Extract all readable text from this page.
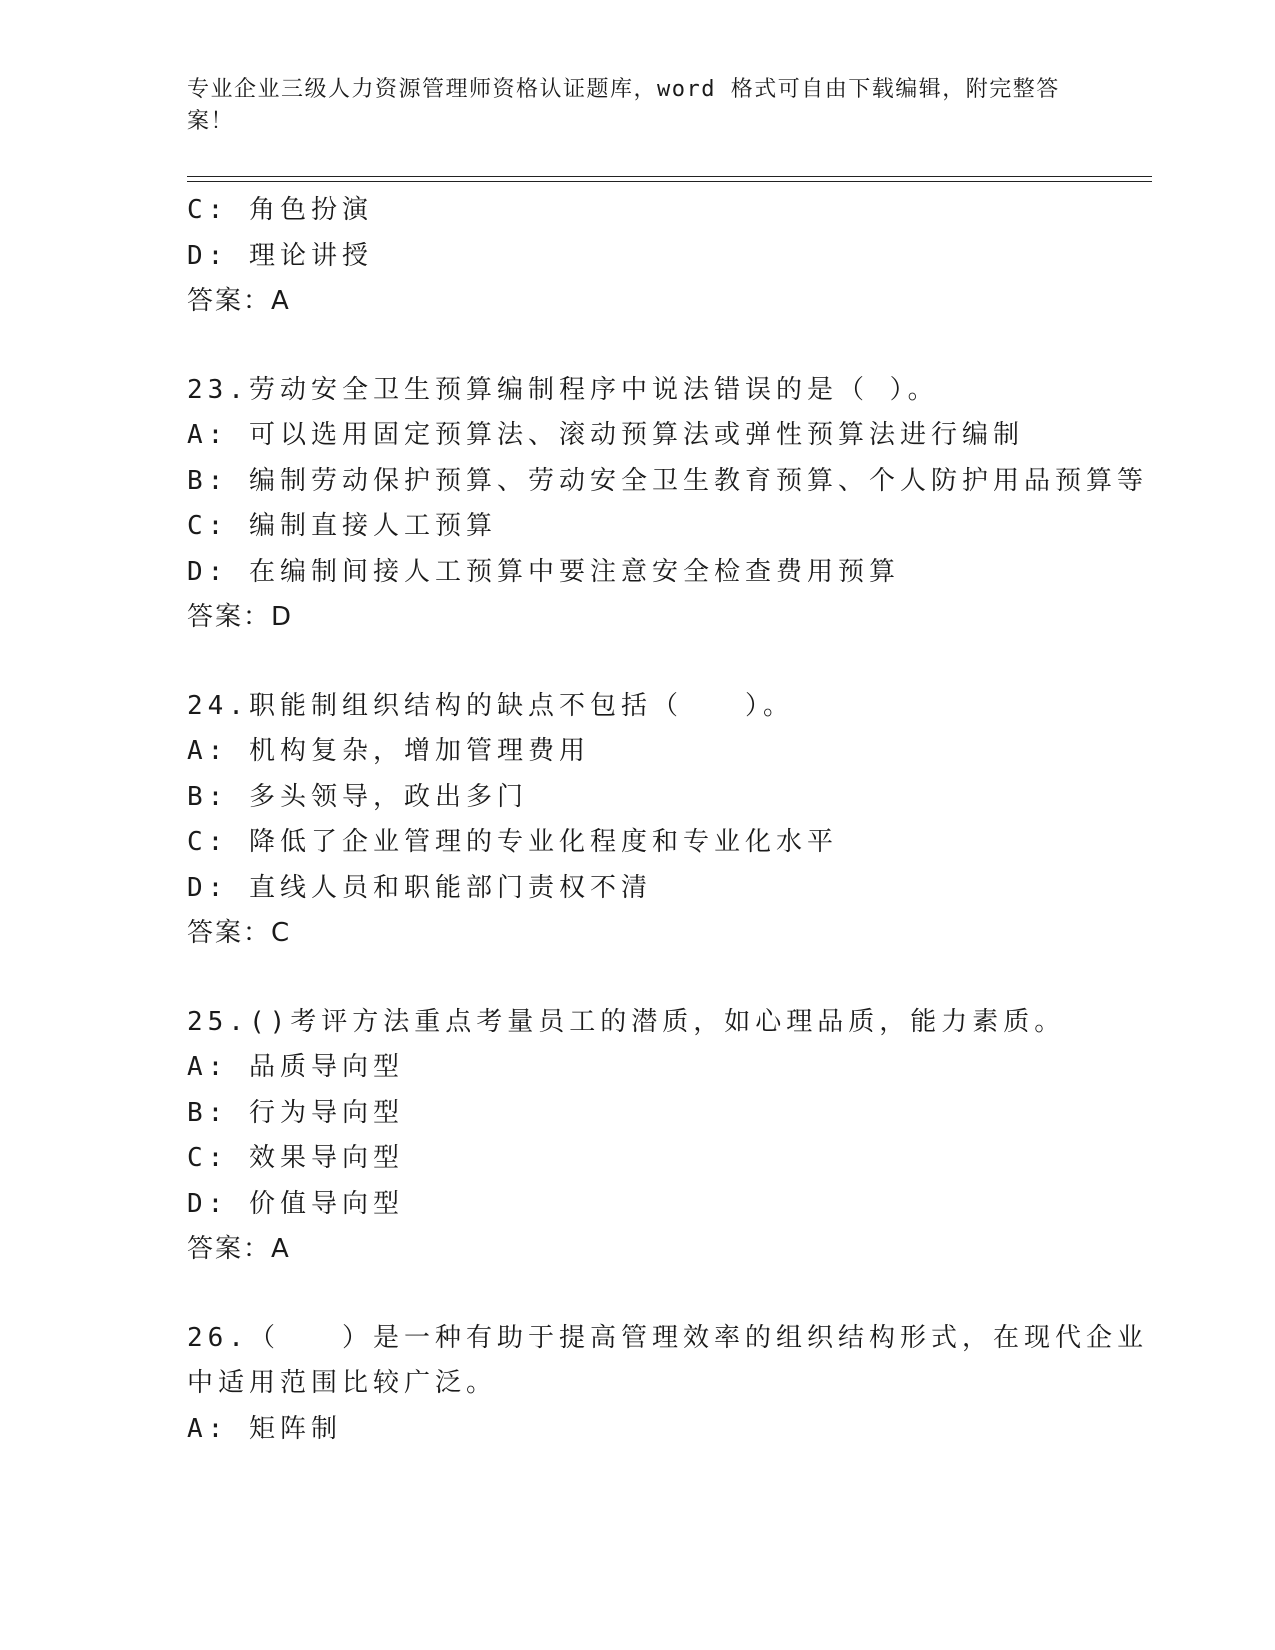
专业企业三级人力资源管理师资格认证题库，word 格式可自由下载编辑，附完整答案！
C: 角色扮演
D: 理论讲授
答案：A
23.劳动安全卫生预算编制程序中说法错误的是（ ）。
A: 可以选用固定预算法、滚动预算法或弹性预算法进行编制
B: 编制劳动保护预算、劳动安全卫生教育预算、个人防护用品预算等
C: 编制直接人工预算
D: 在编制间接人工预算中要注意安全检查费用预算
答案：D
24.职能制组织结构的缺点不包括（　　）。
A: 机构复杂，增加管理费用
B: 多头领导，政出多门
C: 降低了企业管理的专业化程度和专业化水平
D: 直线人员和职能部门责权不清
答案：C
25.()考评方法重点考量员工的潜质，如心理品质，能力素质。
A: 品质导向型
B: 行为导向型
C: 效果导向型
D: 价值导向型
答案：A
26.（　　）是一种有助于提高管理效率的组织结构形式，在现代企业
中适用范围比较广泛。
A: 矩阵制
